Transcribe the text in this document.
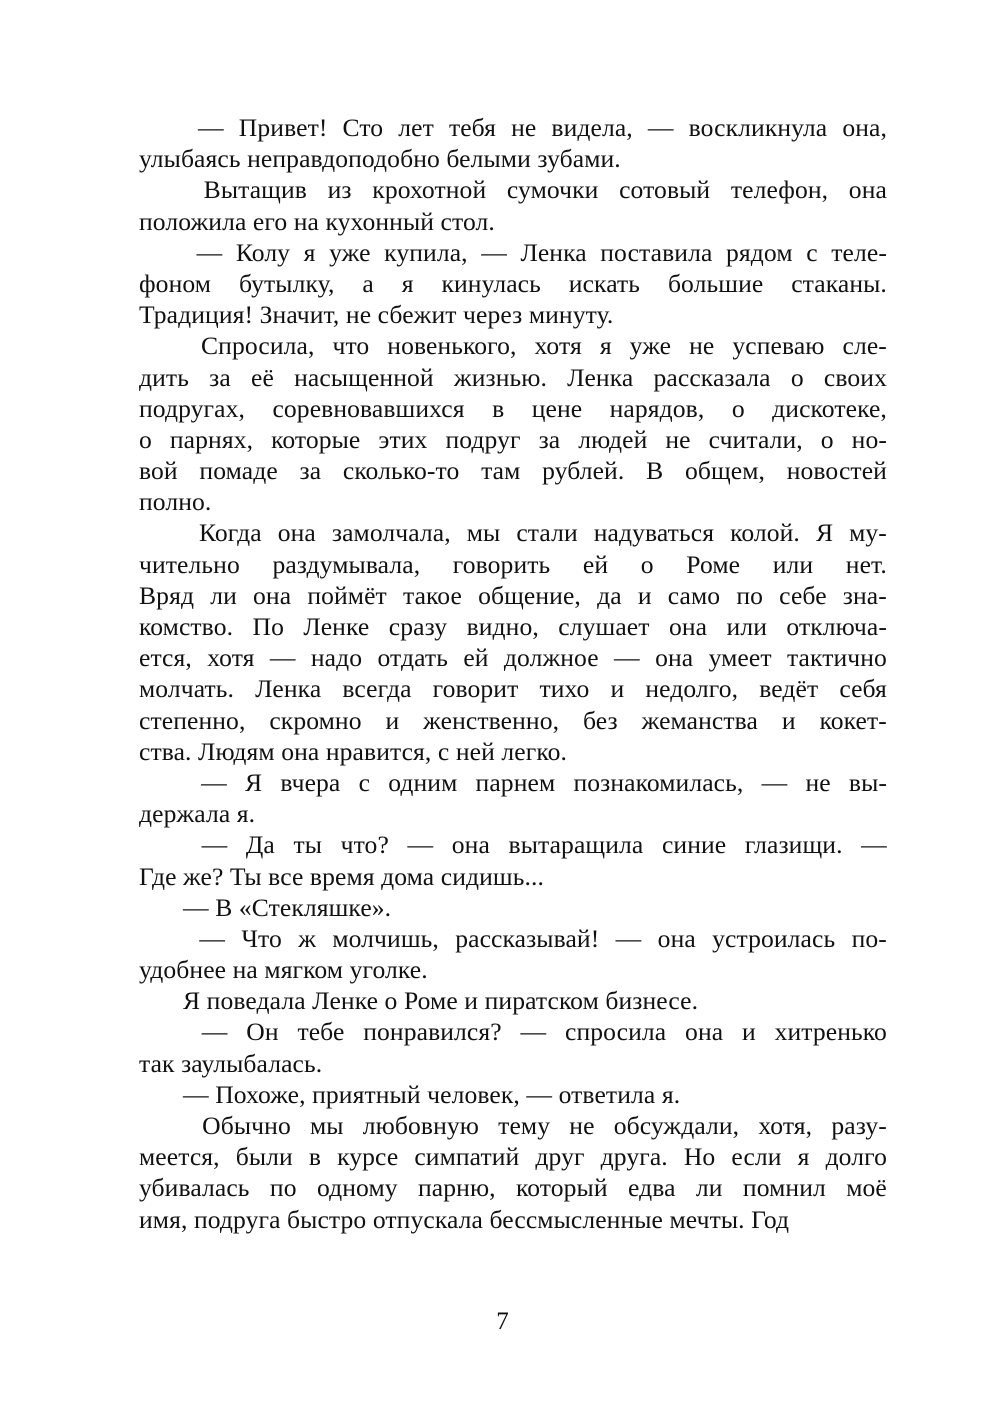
— Привет! Сто лет тебя не видела, — воскликнула она,
улыбаясь неправдоподобно белыми зубами.
Вытащив из крохотной сумочки сотовый телефон, она
положила его на кухонный стол.
— Колу я уже купила, — Ленка поставила рядом с теле-
фоном бутылку, а я кинулась искать большие стаканы.
Традиция! Значит, не сбежит через минуту.
Спросила, что новенького, хотя я уже не успеваю сле-
дить за её насыщенной жизнью. Ленка рассказала о своих
подругах, соревновавшихся в цене нарядов, о дискотеке,
о парнях, которые этих подруг за людей не считали, о но-
вой помаде за сколько-то там рублей. В общем, новостей
полно.
Когда она замолчала, мы стали надуваться колой. Я му-
чительно раздумывала, говорить ей о Роме или нет.
Вряд ли она поймёт такое общение, да и само по себе зна-
комство. По Ленке сразу видно, слушает она или отключа-
ется, хотя — надо отдать ей должное — она умеет тактично
молчать. Ленка всегда говорит тихо и недолго, ведёт себя
степенно, скромно и женственно, без жеманства и кокет-
ства. Людям она нравится, с ней легко.
— Я вчера с одним парнем познакомилась, — не вы-
держала я.
— Да ты что? — она вытаращила синие глазищи. —
Где же? Ты все время дома сидишь...
— В «Стекляшке».
— Что ж молчишь, рассказывай! — она устроилась по-
удобнее на мягком уголке.
Я поведала Ленке о Роме и пиратском бизнесе.
— Он тебе понравился? — спросила она и хитренько
так заулыбалась.
— Похоже, приятный человек, — ответила я.
Обычно мы любовную тему не обсуждали, хотя, разу-
меется, были в курсе симпатий друг друга. Но если я долго
убивалась по одному парню, который едва ли помнил моё
имя, подруга быстро отпускала бессмысленные мечты. Год
7
